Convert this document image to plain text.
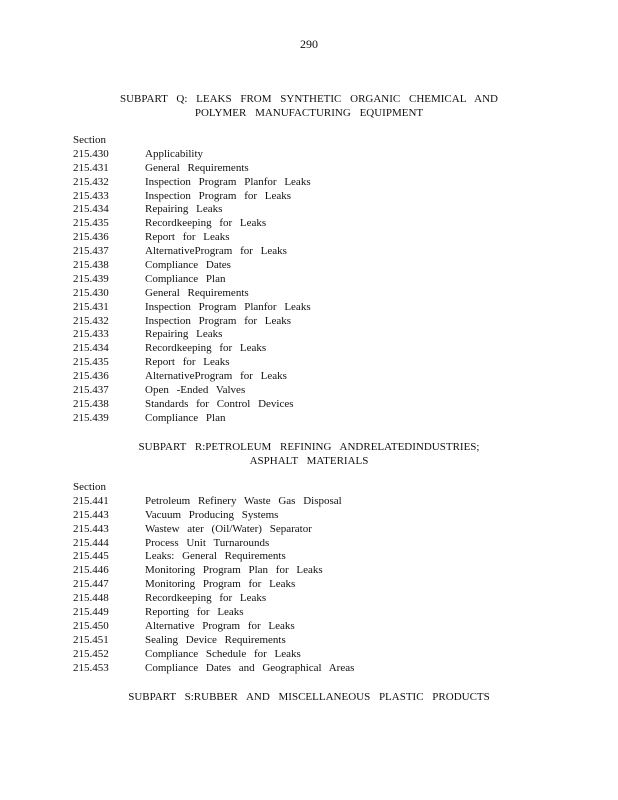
290
SUBPART Q: LEAKS FROM SYNTHETIC ORGANIC CHEMICAL AND
POLYMER MANUFACTURING EQUIPMENT
Section
215.430	Applicability
215.431	General Requirements
215.432	Inspection Program Planfor Leaks
215.433	Inspection Program for Leaks
215.434	Repairing Leaks
215.435	Recordkeeping for Leaks
215.436	Report for Leaks
215.437	AlternativeProgram for Leaks
215.438	Compliance Dates
215.439	Compliance Plan
215.430	General Requirements
215.431	Inspection Program Planfor Leaks
215.432	Inspection Program for Leaks
215.433	Repairing Leaks
215.434	Recordkeeping for Leaks
215.435	Report for Leaks
215.436	AlternativeProgram for Leaks
215.437	Open -Ended Valves
215.438	Standards for Control Devices
215.439	Compliance Plan
SUBPART R:PETROLEUM REFINING ANDRELATEDINDUSTRIES;
ASPHALT MATERIALS
Section
215.441	Petroleum Refinery Waste Gas Disposal
215.443	Vacuum Producing Systems
215.443	Wastew ater (Oil/Water) Separator
215.444	Process Unit Turnarounds
215.445	Leaks: General Requirements
215.446	Monitoring Program Plan for Leaks
215.447	Monitoring Program for Leaks
215.448	Recordkeeping for Leaks
215.449	Reporting for Leaks
215.450	Alternative Program for Leaks
215.451	Sealing Device Requirements
215.452	Compliance Schedule for Leaks
215.453	Compliance Dates and Geographical Areas
SUBPART S:RUBBER AND MISCELLANEOUS PLASTIC PRODUCTS
